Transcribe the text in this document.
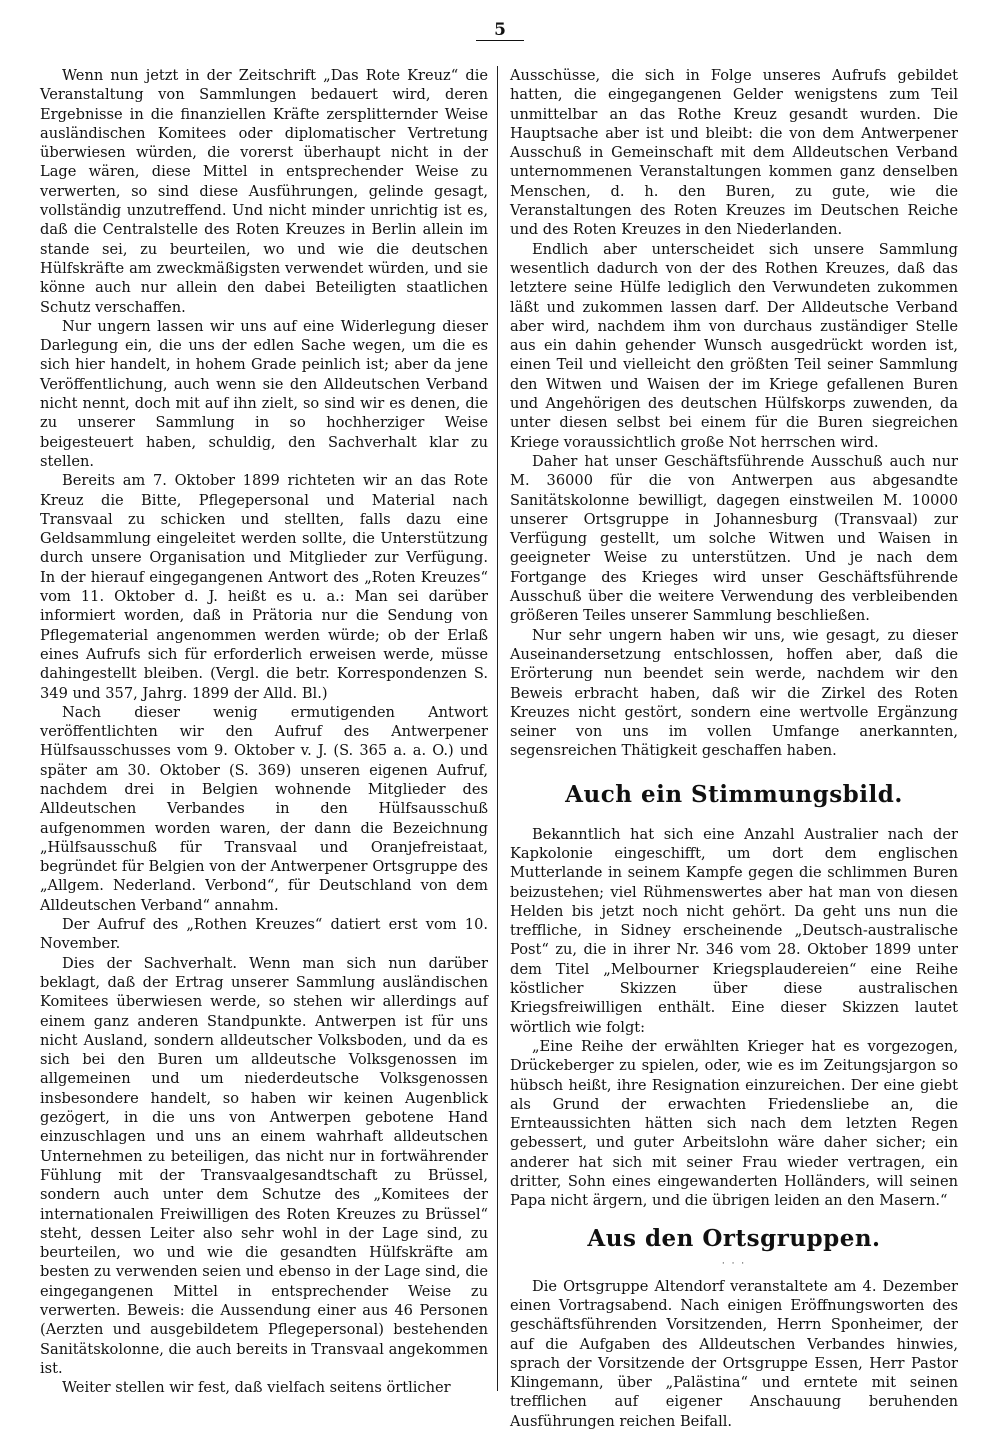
5

Wenn nun jetzt in der Zeitschrift „Das Rote Kreuz“ die Veranstaltung von Sammlungen bedauert wird, deren Ergebnisse in die finanziellen Kräfte zersplitternder Weise ausländischen Komitees oder diplomatischer Vertretung überwiesen würden, die vorerst überhaupt nicht in der Lage wären, diese Mittel in entsprechender Weise zu verwerten, so sind diese Ausführungen, gelinde gesagt, vollständig unzutreffend. Und nicht minder unrichtig ist es, daß die Centralstelle des Roten Kreuzes in Berlin allein im stande sei, zu beurteilen, wo und wie die deutschen Hülfskräfte am zweckmäßigsten verwendet würden, und sie könne auch nur allein den dabei Beteiligten staatlichen Schutz verschaffen.

Nur ungern lassen wir uns auf eine Widerlegung dieser Darlegung ein, die uns der edlen Sache wegen, um die es sich hier handelt, in hohem Grade peinlich ist; aber da jene Veröffentlichung, auch wenn sie den Alldeutschen Verband nicht nennt, doch mit auf ihn zielt, so sind wir es denen, die zu unserer Sammlung in so hochherziger Weise beigesteuert haben, schuldig, den Sachverhalt klar zu stellen.

Bereits am 7. Oktober 1899 richteten wir an das Rote Kreuz die Bitte, Pflegepersonal und Material nach Transvaal zu schicken und stellten, falls dazu eine Geldsammlung eingeleitet werden sollte, die Unterstützung durch unsere Organisation und Mitglieder zur Verfügung. In der hierauf eingegangenen Antwort des „Roten Kreuzes“ vom 11. Oktober d. J. heißt es u. a.: Man sei darüber informiert worden, daß in Prätoria nur die Sendung von Pflegematerial angenommen werden würde; ob der Erlaß eines Aufrufs sich für erforderlich erweisen werde, müsse dahingestellt bleiben. (Vergl. die betr. Korrespondenzen S. 349 und 357, Jahrg. 1899 der Alld. Bl.)

Nach dieser wenig ermutigenden Antwort veröffentlichten wir den Aufruf des Antwerpener Hülfsausschusses vom 9. Oktober v. J. (S. 365 a. a. O.) und später am 30. Oktober (S. 369) unseren eigenen Aufruf, nachdem drei in Belgien wohnende Mitglieder des Alldeutschen Verbandes in den Hülfsausschuß aufgenommen worden waren, der dann die Bezeichnung „Hülfsausschuß für Transvaal und Oranjefreistaat, begründet für Belgien von der Antwerpener Ortsgruppe des „Allgem. Nederland. Verbond“, für Deutschland von dem Alldeutschen Verband“ annahm.

Der Aufruf des „Rothen Kreuzes“ datiert erst vom 10. November.

Dies der Sachverhalt. Wenn man sich nun darüber beklagt, daß der Ertrag unserer Sammlung ausländischen Komitees überwiesen werde, so stehen wir allerdings auf einem ganz anderen Standpunkte. Antwerpen ist für uns nicht Ausland, sondern alldeutscher Volksboden, und da es sich bei den Buren um alldeutsche Volksgenossen im allgemeinen und um niederdeutsche Volksgenossen insbesondere handelt, so haben wir keinen Augenblick gezögert, in die uns von Antwerpen gebotene Hand einzuschlagen und uns an einem wahrhaft alldeutschen Unternehmen zu beteiligen, das nicht nur in fortwährender Fühlung mit der Transvaalgesandtschaft zu Brüssel, sondern auch unter dem Schutze des „Komitees der internationalen Freiwilligen des Roten Kreuzes zu Brüssel“ steht, dessen Leiter also sehr wohl in der Lage sind, zu beurteilen, wo und wie die gesandten Hülfskräfte am besten zu verwenden seien und ebenso in der Lage sind, die eingegangenen Mittel in entsprechender Weise zu verwerten. Beweis: die Aussendung einer aus 46 Personen (Aerzten und ausgebildetem Pflegepersonal) bestehenden Sanitätskolonne, die auch bereits in Transvaal angekommen ist.

Weiter stellen wir fest, daß vielfach seitens örtlicher

Ausschüsse, die sich in Folge unseres Aufrufs gebildet hatten, die eingegangenen Gelder wenigstens zum Teil unmittelbar an das Rothe Kreuz gesandt wurden. Die Hauptsache aber ist und bleibt: die von dem Antwerpener Ausschuß in Gemeinschaft mit dem Alldeutschen Verband unternommenen Veranstaltungen kommen ganz denselben Menschen, d. h. den Buren, zu gute, wie die Veranstaltungen des Roten Kreuzes im Deutschen Reiche und des Roten Kreuzes in den Niederlanden.

Endlich aber unterscheidet sich unsere Sammlung wesentlich dadurch von der des Rothen Kreuzes, daß das letztere seine Hülfe lediglich den Verwundeten zukommen läßt und zukommen lassen darf. Der Alldeutsche Verband aber wird, nachdem ihm von durchaus zuständiger Stelle aus ein dahin gehender Wunsch ausgedrückt worden ist, einen Teil und vielleicht den größten Teil seiner Sammlung den Witwen und Waisen der im Kriege gefallenen Buren und Angehörigen des deutschen Hülfskorps zuwenden, da unter diesen selbst bei einem für die Buren siegreichen Kriege voraussichtlich große Not herrschen wird.

Daher hat unser Geschäftsführende Ausschuß auch nur M. 36000 für die von Antwerpen aus abgesandte Sanitätskolonne bewilligt, dagegen einstweilen M. 10000 unserer Ortsgruppe in Johannesburg (Transvaal) zur Verfügung gestellt, um solche Witwen und Waisen in geeigneter Weise zu unterstützen. Und je nach dem Fortgange des Krieges wird unser Geschäftsführende Ausschuß über die weitere Verwendung des verbleibenden größeren Teiles unserer Sammlung beschließen.

Nur sehr ungern haben wir uns, wie gesagt, zu dieser Auseinandersetzung entschlossen, hoffen aber, daß die Erörterung nun beendet sein werde, nachdem wir den Beweis erbracht haben, daß wir die Zirkel des Roten Kreuzes nicht gestört, sondern eine wertvolle Ergänzung seiner von uns im vollen Umfange anerkannten, segensreichen Thätigkeit geschaffen haben.

Auch ein Stimmungsbild.

Bekanntlich hat sich eine Anzahl Australier nach der Kapkolonie eingeschifft, um dort dem englischen Mutterlande in seinem Kampfe gegen die schlimmen Buren beizustehen; viel Rühmenswertes aber hat man von diesen Helden bis jetzt noch nicht gehört. Da geht uns nun die treffliche, in Sidney erscheinende „Deutsch-australische Post“ zu, die in ihrer Nr. 346 vom 28. Oktober 1899 unter dem Titel „Melbourner Kriegsplaudereien“ eine Reihe köstlicher Skizzen über diese australischen Kriegsfreiwilligen enthält. Eine dieser Skizzen lautet wörtlich wie folgt:

„Eine Reihe der erwählten Krieger hat es vorgezogen, Drückeberger zu spielen, oder, wie es im Zeitungsjargon so hübsch heißt, ihre Resignation einzureichen. Der eine giebt als Grund der erwachten Friedensliebe an, die Ernteaussichten hätten sich nach dem letzten Regen gebessert, und guter Arbeitslohn wäre daher sicher; ein anderer hat sich mit seiner Frau wieder vertragen, ein dritter, Sohn eines eingewanderten Holländers, will seinen Papa nicht ärgern, und die übrigen leiden an den Masern.“

Aus den Ortsgruppen.
· · ·

Die Ortsgruppe Altendorf veranstaltete am 4. Dezember einen Vortragsabend. Nach einigen Eröffnungsworten des geschäftsführenden Vorsitzenden, Herrn Sponheimer, der auf die Aufgaben des Alldeutschen Verbandes hinwies, sprach der Vorsitzende der Ortsgruppe Essen, Herr Pastor Klingemann, über „Palästina“ und erntete mit seinen trefflichen auf eigener Anschauung beruhenden Ausführungen reichen Beifall.
